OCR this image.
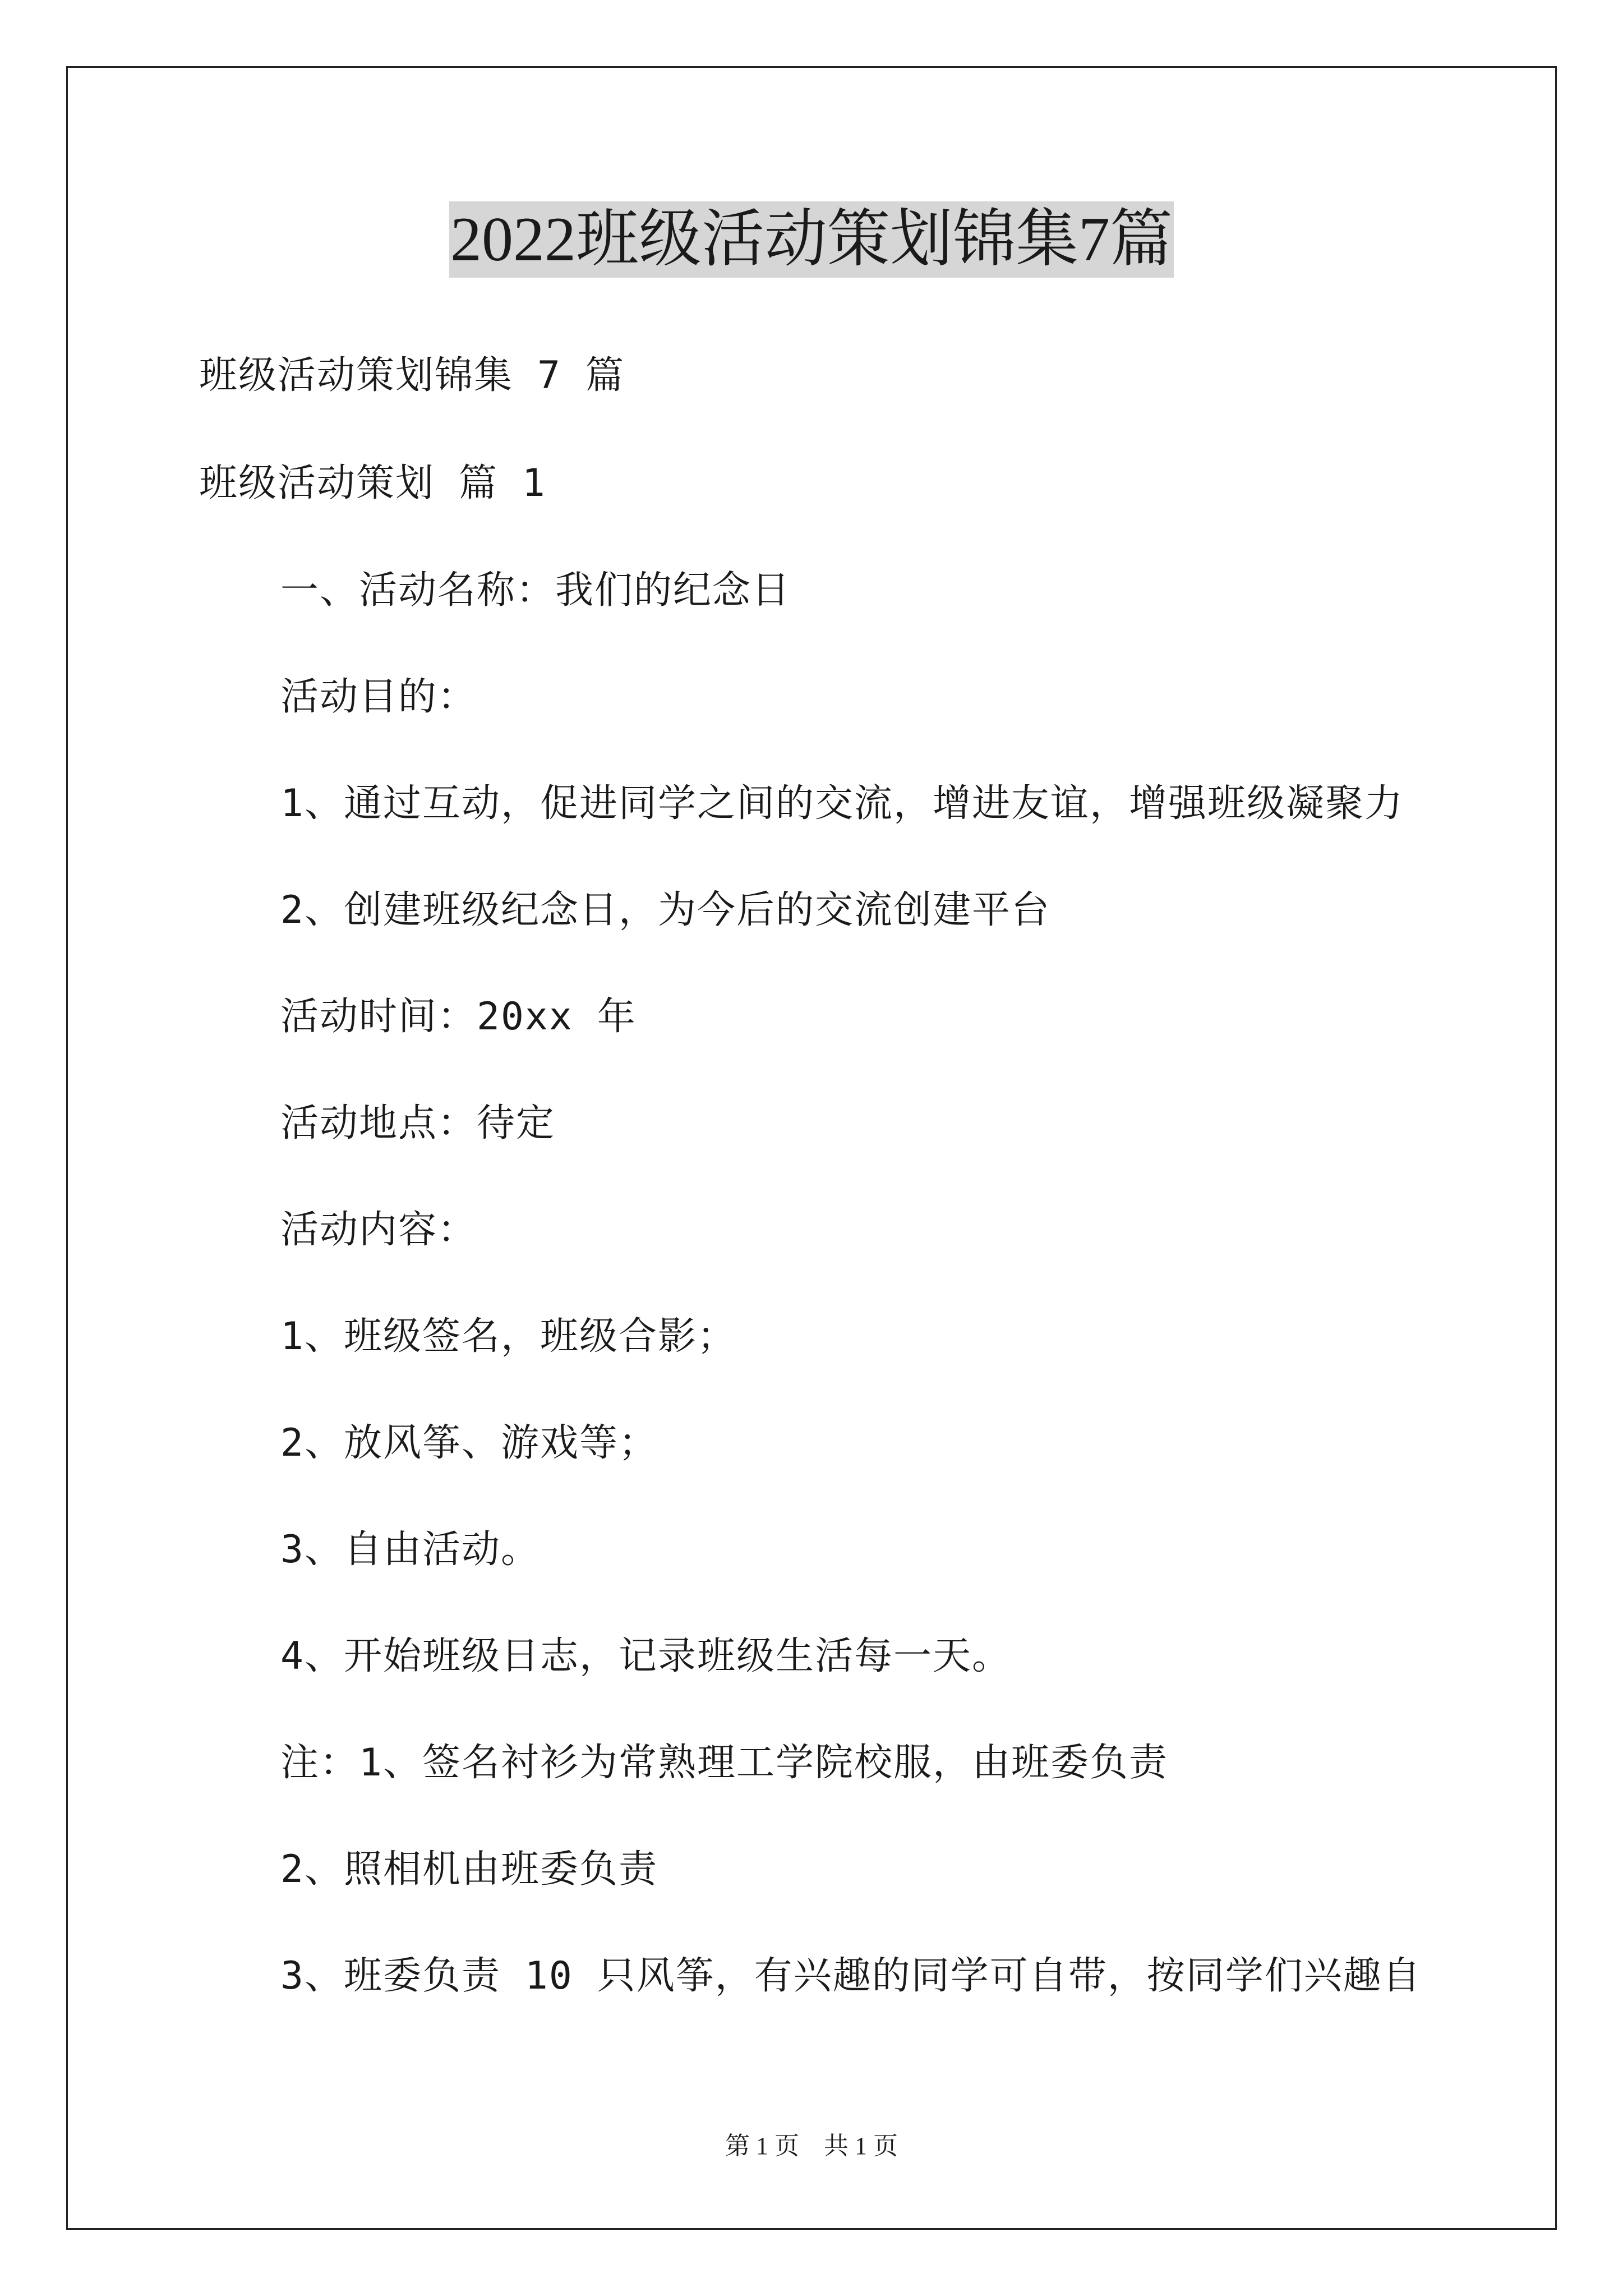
2022班级活动策划锦集7篇
班级活动策划锦集 7 篇
班级活动策划 篇 1
一、活动名称：我们的纪念日
活动目的：
1、通过互动，促进同学之间的交流，增进友谊，增强班级凝聚力
2、创建班级纪念日，为今后的交流创建平台
活动时间：20xx 年
活动地点：待定
活动内容：
1、班级签名，班级合影；
2、放风筝、游戏等；
3、自由活动。
4、开始班级日志，记录班级生活每一天。
注：1、签名衬衫为常熟理工学院校服，由班委负责
2、照相机由班委负责
3、班委负责 10 只风筝，有兴趣的同学可自带，按同学们兴趣自
第 1 页　共 1 页
